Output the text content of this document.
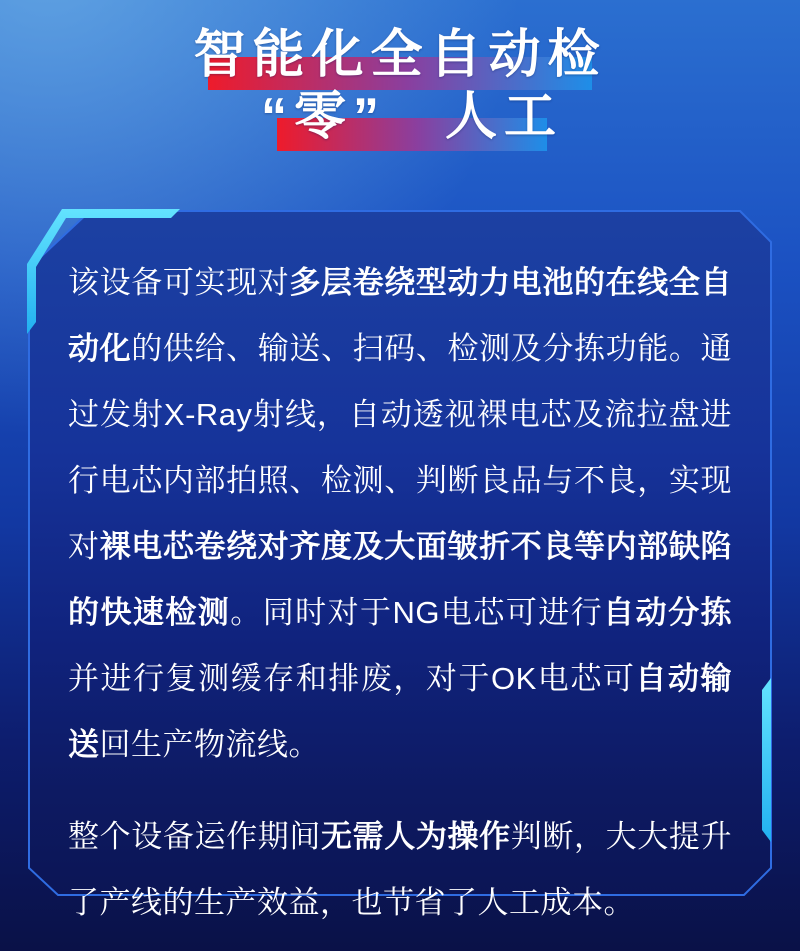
智能化全自动检
“零”　人工

该设备可实现对多层卷绕型动力电池的在线全自动化的供给、输送、扫码、检测及分拣功能。通过发射X-Ray射线，自动透视裸电芯及流拉盘进行电芯内部拍照、检测、判断良品与不良，实现对裸电芯卷绕对齐度及大面皱折不良等内部缺陷的快速检测。同时对于NG电芯可进行自动分拣并进行复测缓存和排废，对于OK电芯可自动输送回生产物流线。

整个设备运作期间无需人为操作判断，大大提升了产线的生产效益，也节省了人工成本。
